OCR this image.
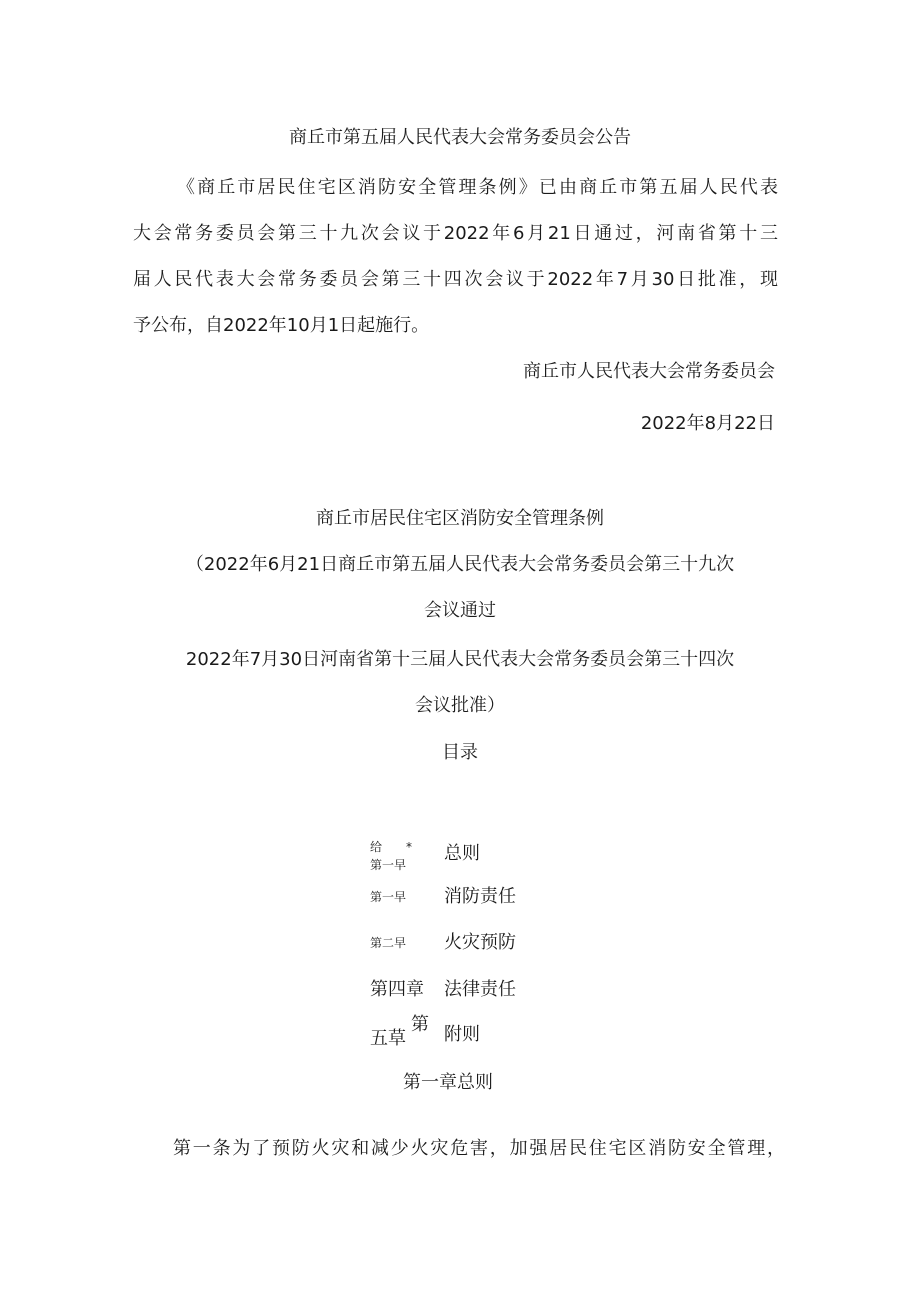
商丘市第五届人民代表大会常务委员会公告
《商丘市居民住宅区消防安全管理条例》已由商丘市第五届人民代表
大会常务委员会第三十九次会议于2022年6月21日通过，河南省第十三
届人民代表大会常务委员会第三十四次会议于2022年7月30日批准，现
予公布，自2022年10月1日起施行。
商丘市人民代表大会常务委员会
2022年8月22日
商丘市居民住宅区消防安全管理条例
（2022年6月21日商丘市第五届人民代表大会常务委员会第三十九次
会议通过
2022年7月30日河南省第十三届人民代表大会常务委员会第三十四次
会议批准）
目录
给　　*
第一早
总则
第一早 消防责任
第二早 火灾预防
第四章 法律责任
第
五草 附则
第一章总则
第一条为了预防火灾和减少火灾危害，加强居民住宅区消防安全管理，
